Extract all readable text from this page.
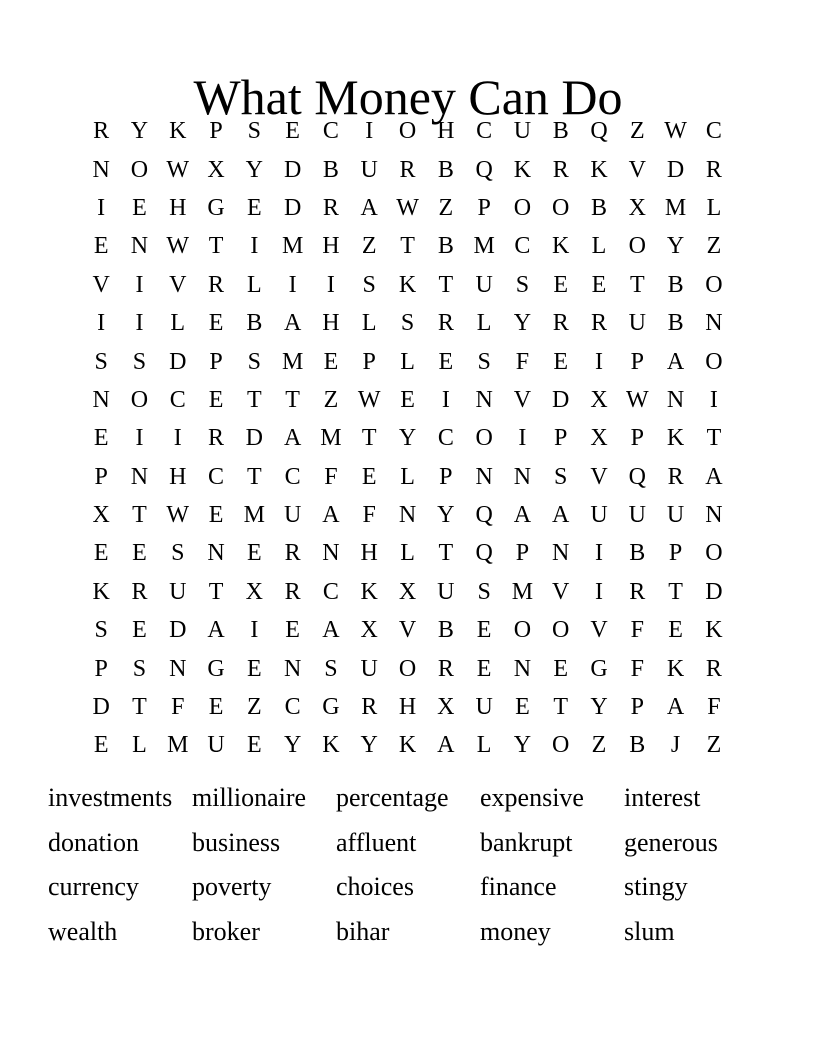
What Money Can Do
R Y K P	S	E C	I	O H C U B Q Z W C
N O W X Y D B U R B Q K R K V D R
I	E H G E D R A W Z	P O O B X M L
E N W T	I M H Z T B M C K L O Y Z
V	I	V R L	I	I	S K T U S	E E T B O
I	I	L E B A H L	S R L Y R R U B N
S	S D P	S M E	P	L E	S	F	E	I	P A O
N O C E T T Z W E	I	N V D X W N	I
E	I	I	R D A M T Y C O	I	P X P K T
P N H C T C F	E L	P N N S V Q R A
X T W E M U A F N Y Q A A U U U N
E E	S N E R N H L T Q P N	I	B P O
K R U T X R C K X U S M V	I	R T D
S	E D A	I	E A X V B E O O V F	E K
P	S N G E N S U O R E N E G F K R
D T	F	E Z C G R H X U E T Y P A F
E L M U E Y K Y K A L Y O Z B	J	Z
investments millionaire	percentage	expensive	interest
donation	business	affluent	bankrupt	generous
currency	poverty	choices	finance	stingy
wealth	broker	bihar	money	slum
